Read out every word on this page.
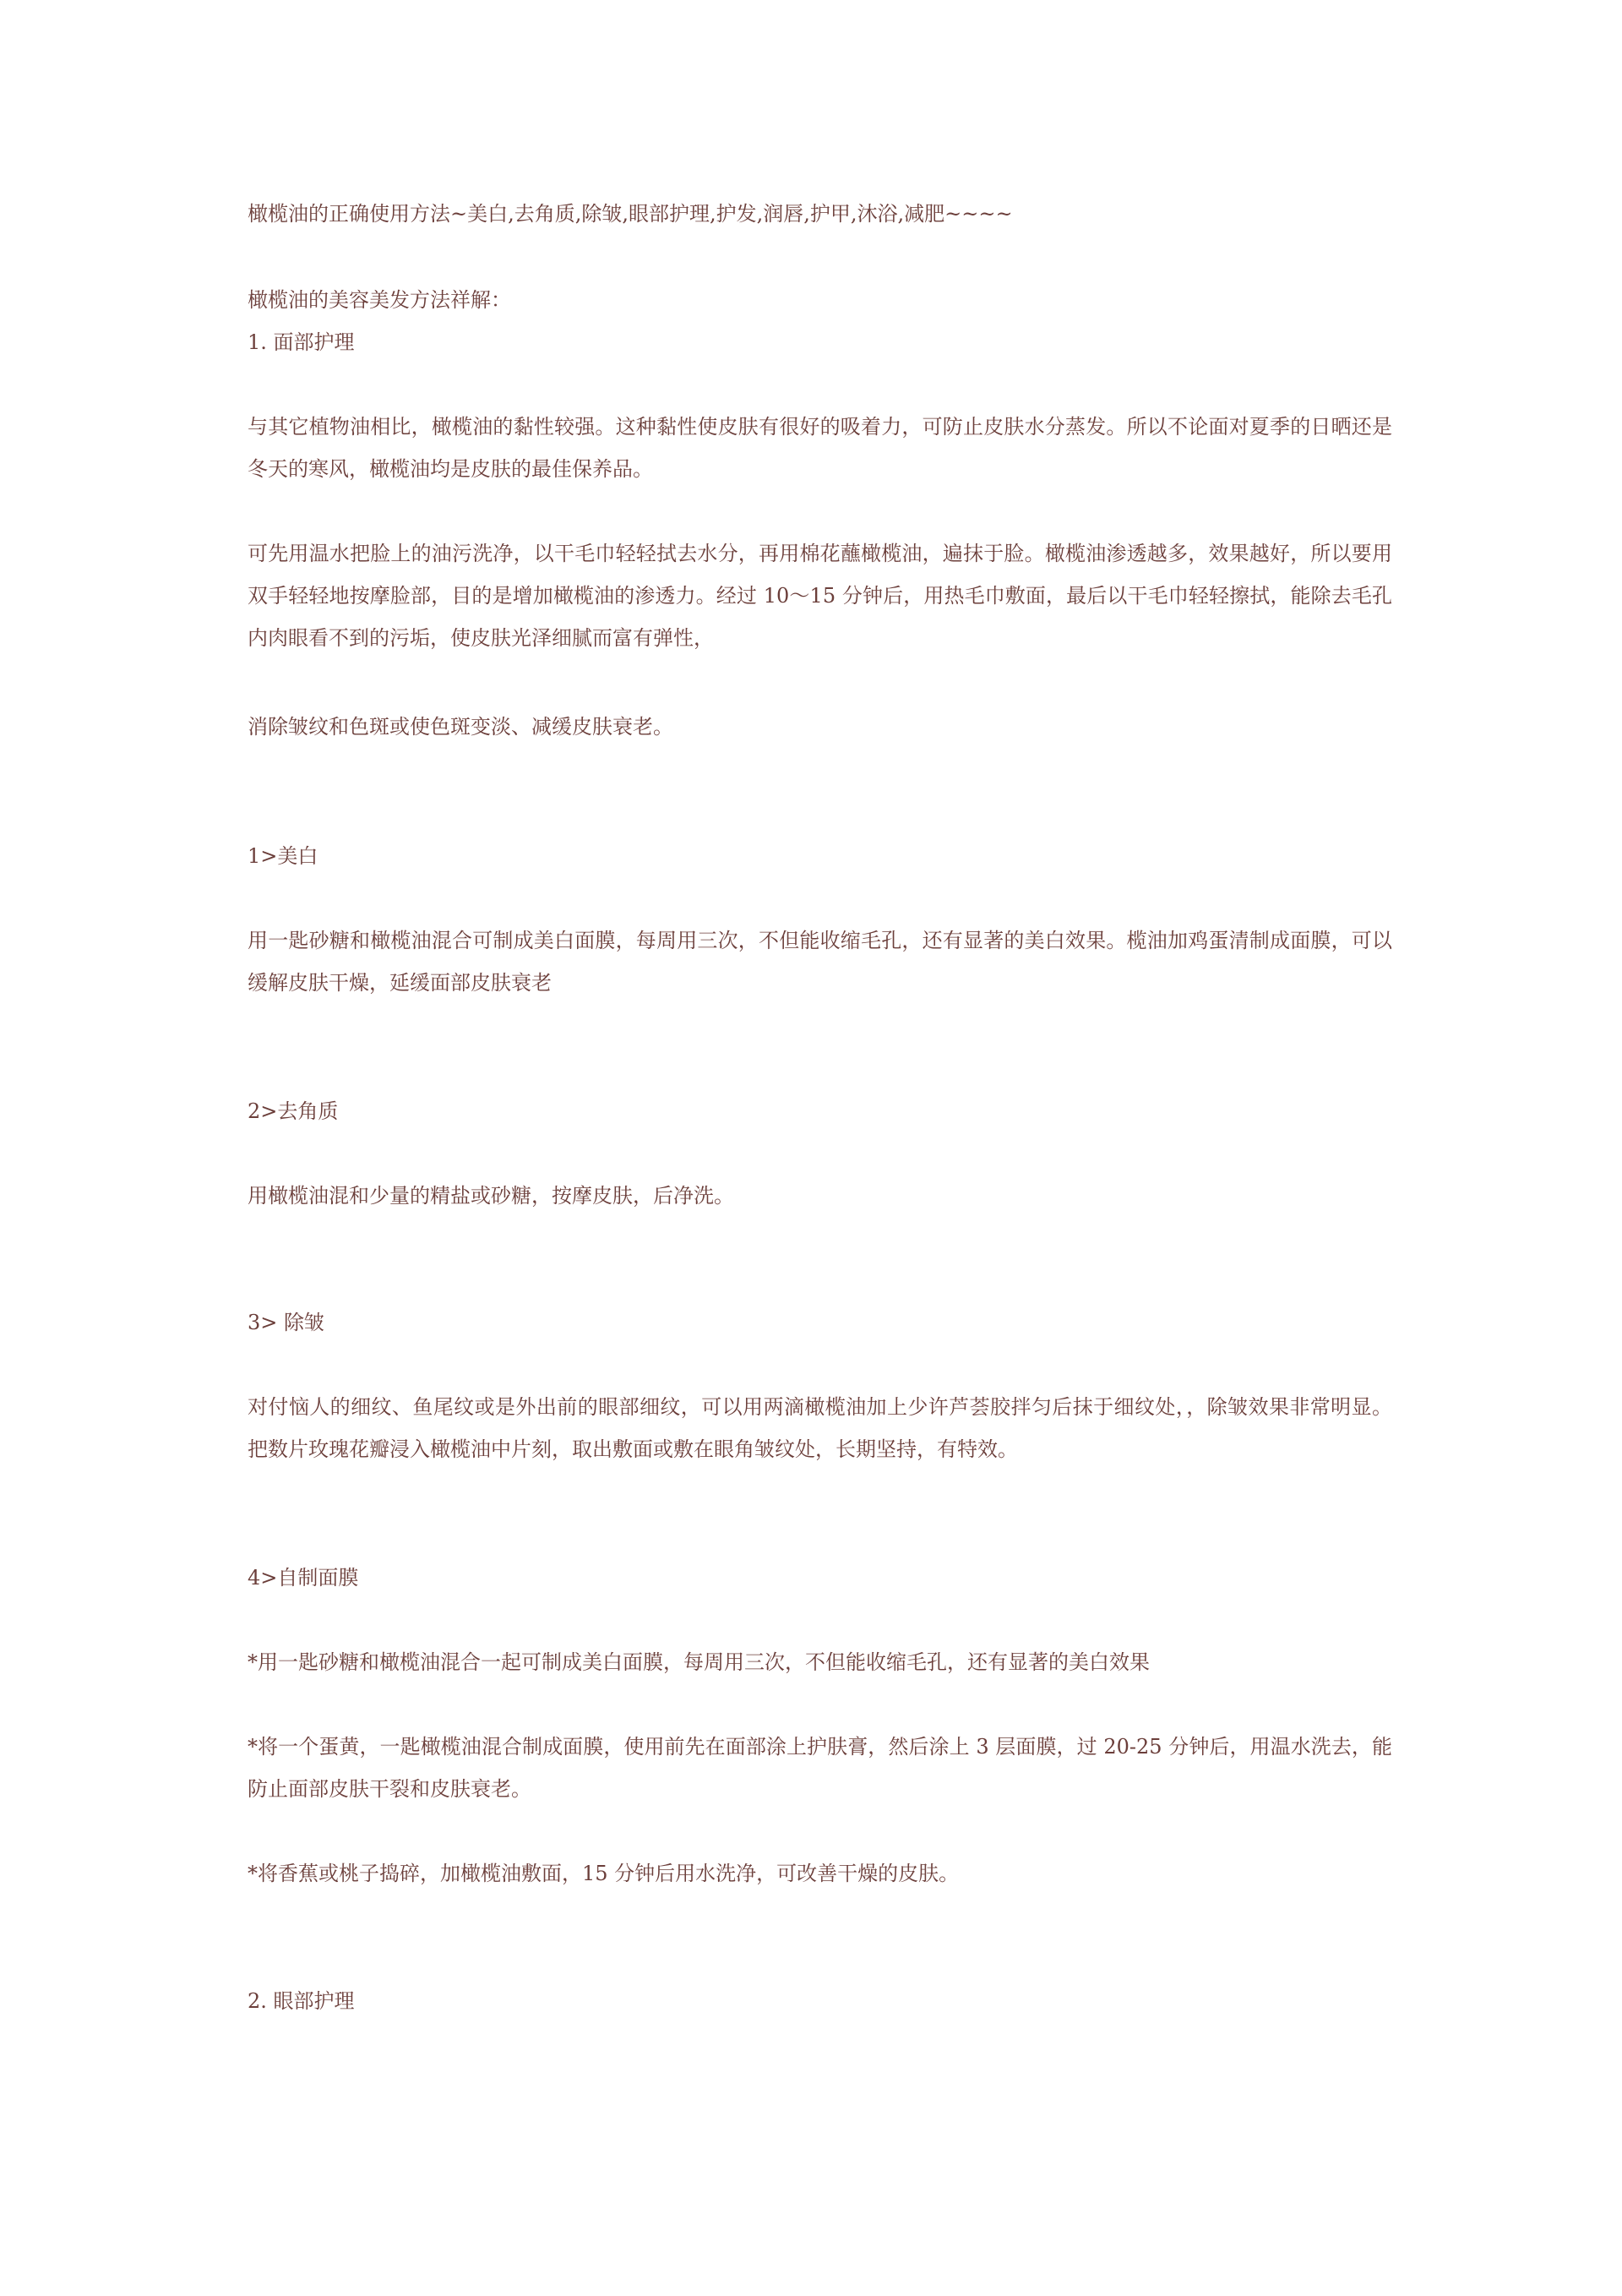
橄榄油的正确使用方法~美白,去角质,除皱,眼部护理,护发,润唇,护甲,沐浴,减肥~~~~

橄榄油的美容美发方法祥解：

1. 面部护理

与其它植物油相比，橄榄油的黏性较强。这种黏性使皮肤有很好的吸着力，可防止皮肤水分蒸发。所以不论面对夏季的日晒还是冬天的寒风，橄榄油均是皮肤的最佳保养品。

可先用温水把脸上的油污洗净，以干毛巾轻轻拭去水分，再用棉花蘸橄榄油，遍抹于脸。橄榄油渗透越多，效果越好，所以要用双手轻轻地按摩脸部，目的是增加橄榄油的渗透力。经过 10～15 分钟后，用热毛巾敷面，最后以干毛巾轻轻擦拭，能除去毛孔内肉眼看不到的污垢，使皮肤光泽细腻而富有弹性，

消除皱纹和色斑或使色斑变淡、减缓皮肤衰老。

1>美白

用一匙砂糖和橄榄油混合可制成美白面膜，每周用三次，不但能收缩毛孔，还有显著的美白效果。榄油加鸡蛋清制成面膜，可以缓解皮肤干燥，延缓面部皮肤衰老

2>去角质

用橄榄油混和少量的精盐或砂糖，按摩皮肤，后净洗。

3> 除皱

对付恼人的细纹、鱼尾纹或是外出前的眼部细纹，可以用两滴橄榄油加上少许芦荟胶拌匀后抹于细纹处，，除皱效果非常明显。把数片玫瑰花瓣浸入橄榄油中片刻，取出敷面或敷在眼角皱纹处，长期坚持，有特效。

4>自制面膜

*用一匙砂糖和橄榄油混合一起可制成美白面膜，每周用三次，不但能收缩毛孔，还有显著的美白效果

*将一个蛋黄，一匙橄榄油混合制成面膜，使用前先在面部涂上护肤膏，然后涂上 3 层面膜，过 20-25 分钟后，用温水洗去，能防止面部皮肤干裂和皮肤衰老。

*将香蕉或桃子捣碎，加橄榄油敷面，15 分钟后用水洗净，可改善干燥的皮肤。

2. 眼部护理
